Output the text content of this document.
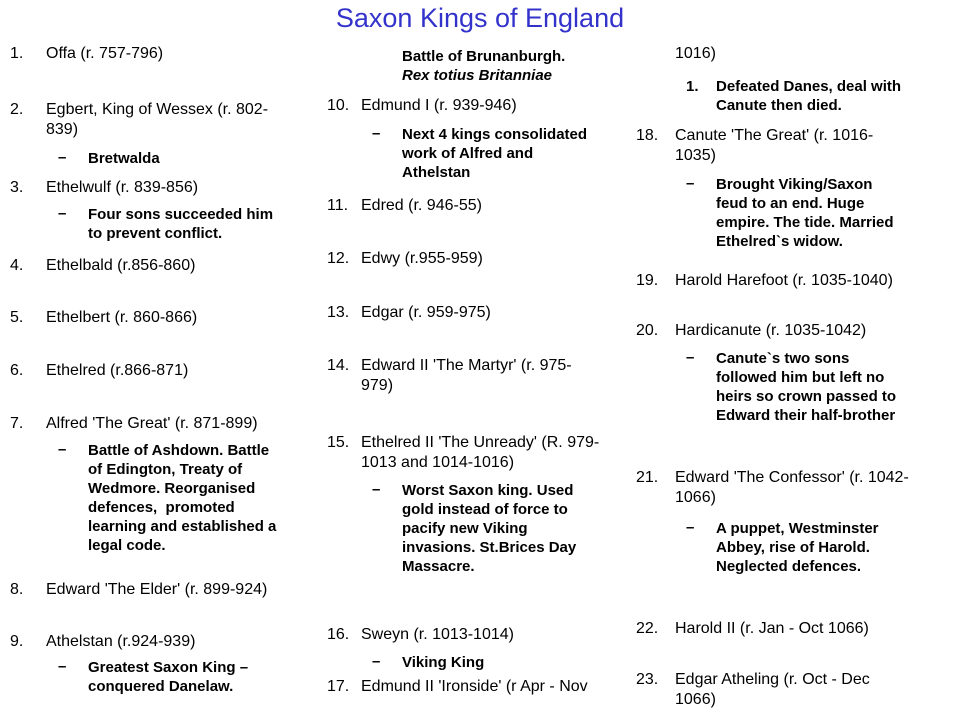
Saxon Kings of England
1.	Offa (r. 757-796)
2.	Egbert, King of Wessex (r. 802-
839)
– Bretwalda
3.	Ethelwulf (r. 839-856)
– Four sons succeeded him
to prevent conflict.
4.	Ethelbald (r.856-860)
5.	Ethelbert (r. 860-866)
6.	Ethelred (r.866-871)
7.	Alfred 'The Great' (r. 871-899)
– Battle of Ashdown. Battle
of Edington, Treaty of
Wedmore. Reorganised
defences,  promoted
learning and established a
legal code.
8.	Edward 'The Elder' (r. 899-924)
9.	Athelstan (r.924-939)
– Greatest Saxon King –
conquered Danelaw.
Battle of Brunanburgh.
Rex totius Britanniae
10. Edmund I (r. 939-946)
– Next 4 kings consolidated
work of Alfred and
Athelstan
11. Edred (r. 946-55)
12. Edwy (r.955-959)
13. Edgar (r. 959-975)
14. Edward II 'The Martyr' (r. 975-
979)
15. Ethelred II 'The Unready' (R. 979-
1013 and 1014-1016)
– Worst Saxon king. Used
gold instead of force to
pacify new Viking
invasions. St.Brices Day
Massacre.
16. Sweyn (r. 1013-1014)
– Viking King
17. Edmund II 'Ironside' (r Apr - Nov
1016)
1. Defeated Danes, deal with
Canute then died.
18.	Canute 'The Great' (r. 1016-
1035)
– Brought Viking/Saxon
feud to an end. Huge
empire. The tide. Married
Ethelred`s widow.
19.	Harold Harefoot (r. 1035-1040)
20.	Hardicanute (r. 1035-1042)
– Canute`s two sons
followed him but left no
heirs so crown passed to
Edward their half-brother
21.	Edward 'The Confessor' (r. 1042-
1066)
– A puppet, Westminster
Abbey, rise of Harold.
Neglected defences.
22.	Harold II (r. Jan - Oct 1066)
23.	Edgar Atheling (r. Oct - Dec
1066)
